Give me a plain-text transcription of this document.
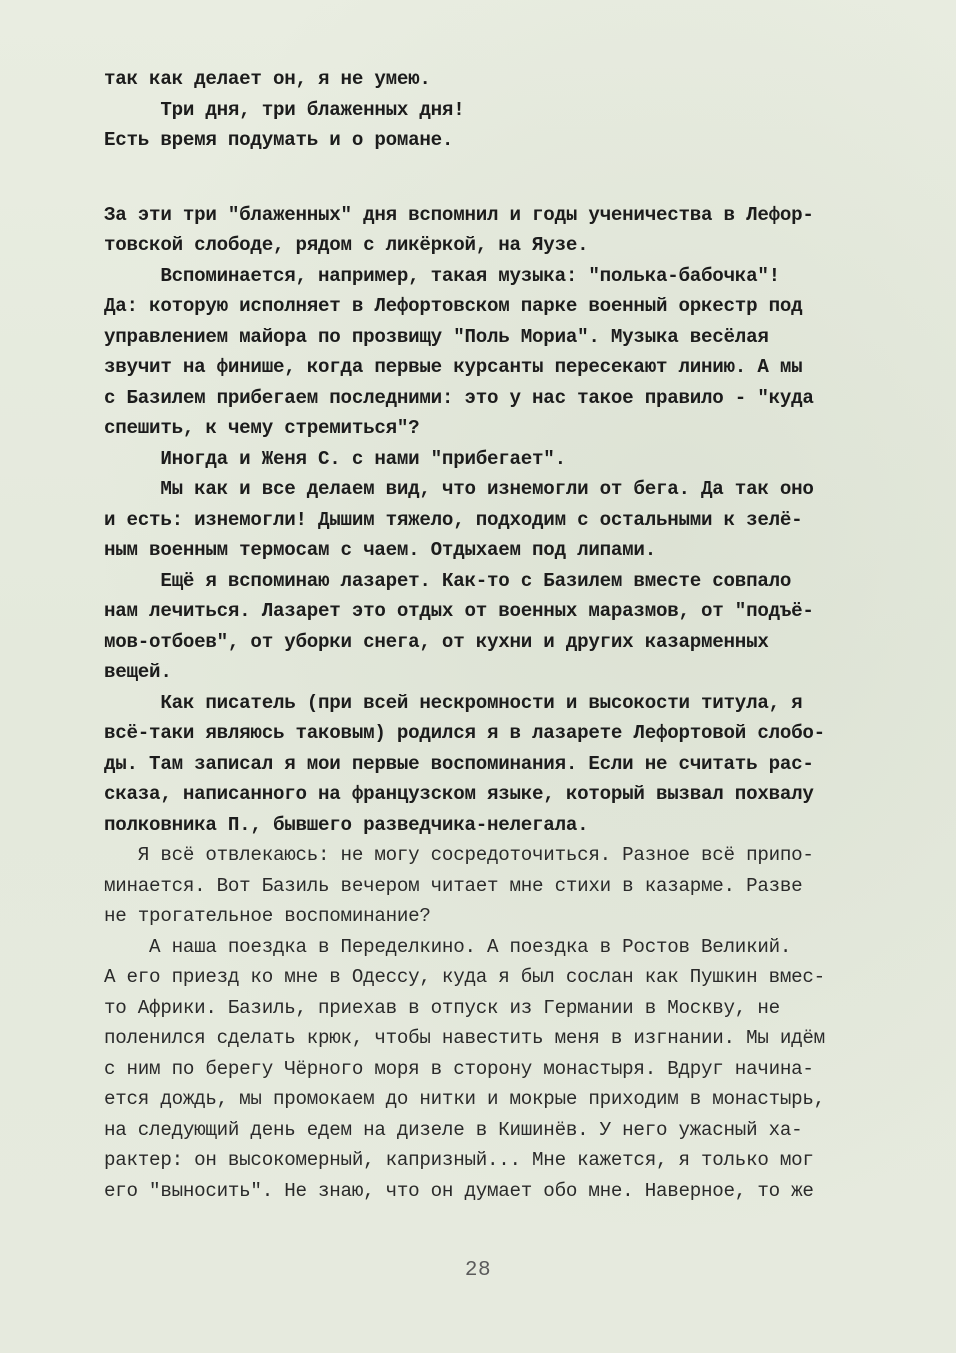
так как делает он, я не умею.
Три дня, три блаженных дня!
Есть время подумать и о романе.
За эти три "блаженных" дня вспомнил и годы ученичества в Лефор-
товской слободе, рядом с ликёркой, на Яузе.
Вспоминается, например, такая музыка: "полька-бабочка"!
Да: которую исполняет в Лефортовском парке военный оркестр под
управлением майора по прозвищу "Поль Мориа". Музыка весёлая
звучит на финише, когда первые курсанты пересекают линию. А мы
с Базилем прибегаем последними: это у нас такое правило - "куда
спешить, к чему стремиться"?
Иногда и Женя С. с нами "прибегает".
Мы как и все делаем вид, что изнемогли от бега. Да так оно
и есть: изнемогли! Дышим тяжело, подходим с остальными к зелё-
ным военным термосам с чаем. Отдыхаем под липами.
Ещё я вспоминаю лазарет. Как-то с Базилем вместе совпало
нам лечиться. Лазарет это отдых от военных маразмов, от "подъё-
мов-отбоев", от уборки снега, от кухни и других казарменных
вещей.
Как писатель (при всей нескромности и высокости титула, я
всё-таки являюсь таковым) родился я в лазарете Лефортовой слобо-
ды. Там записал я мои первые воспоминания. Если не считать рас-
сказа, написанного на французском языке, который вызвал похвалу
полковника П., бывшего разведчика-нелегала.
Я всё отвлекаюсь: не могу сосредоточиться. Разное всё припо-
минается. Вот Базиль вечером читает мне стихи в казарме. Разве
не трогательное воспоминание?
А наша поездка в Переделкино. А поездка в Ростов Великий.
А его приезд ко мне в Одессу, куда я был сослан как Пушкин вмес-
то Африки. Базиль, приехав в отпуск из Германии в Москву, не
поленился сделать крюк, чтобы навестить меня в изгнании. Мы идём
с ним по берегу Чёрного моря в сторону монастыря. Вдруг начина-
ется дождь, мы промокаем до нитки и мокрые приходим в монастырь,
на следующий день едем на дизеле в Кишинёв. У него ужасный ха-
рактер: он высокомерный, капризный... Мне кажется, я только мог
его "выносить". Не знаю, что он думает обо мне. Наверное, то же
28
